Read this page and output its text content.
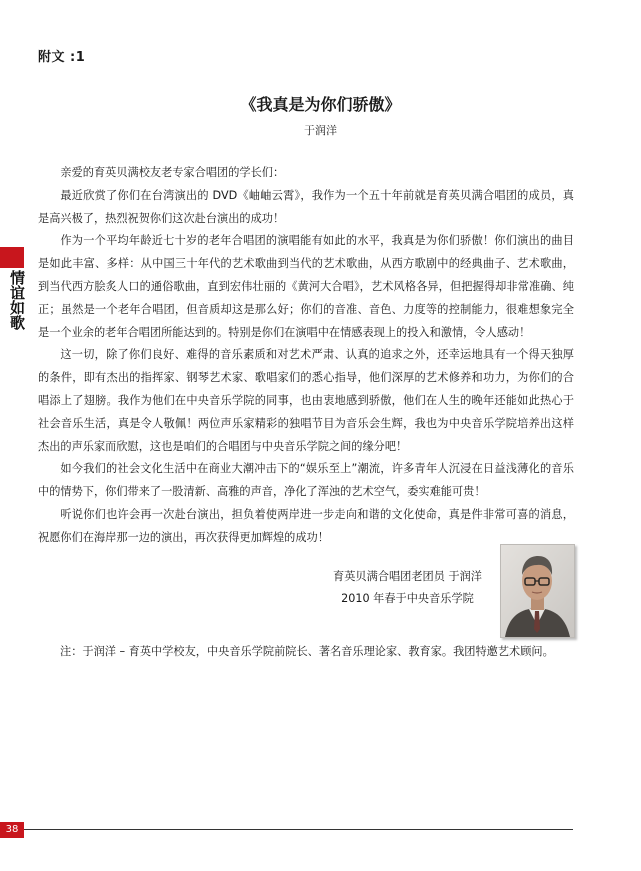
附文 :1
《我真是为你们骄傲》
于润洋
情谊如歌

亲爱的育英贝满校友老专家合唱团的学长们：

最近欣赏了你们在台湾演出的 DVD《岫岫云霄》，我作为一个五十年前就是育英贝满合唱团的成员，真是高兴极了，热烈祝贺你们这次赴台演出的成功！

作为一个平均年龄近七十岁的老年合唱团的演唱能有如此的水平，我真是为你们骄傲！你们演出的曲目是如此丰富、多样：从中国三十年代的艺术歌曲到当代的艺术歌曲，从西方歌剧中的经典曲子、艺术歌曲，到当代西方脍炙人口的通俗歌曲，直到宏伟壮丽的《黄河大合唱》，艺术风格各异，但把握得却非常准确、纯正；虽然是一个老年合唱团，但音质却这是那么好；你们的音准、音色、力度等的控制能力，很难想象完全是一个业余的老年合唱团所能达到的。特别是你们在演唱中在情感表现上的投入和激情，令人感动！

这一切，除了你们良好、难得的音乐素质和对艺术严肃、认真的追求之外，还幸运地具有一个得天独厚的条件，即有杰出的指挥家、钢琴艺术家、歌唱家们的悉心指导，他们深厚的艺术修养和功力，为你们的合唱添上了翅膀。我作为他们在中央音乐学院的同事，也由衷地感到骄傲，他们在人生的晚年还能如此热心于社会音乐生活，真是令人敬佩！两位声乐家精彩的独唱节目为音乐会生辉，我也为中央音乐学院培养出这样杰出的声乐家而欣慰，这也是咱们的合唱团与中央音乐学院之间的缘分吧！

如今我们的社会文化生活中在商业大潮冲击下的“娱乐至上”潮流，许多青年人沉浸在日益浅薄化的音乐中的情势下，你们带来了一股清新、高雅的声音，净化了浑浊的艺术空气，委实难能可贵！

听说你们也许会再一次赴台演出，担负着使两岸进一步走向和谐的文化使命，真是件非常可喜的消息，祝愿你们在海岸那一边的演出，再次获得更加辉煌的成功！

育英贝满合唱团老团员 于润洋
2010 年春于中央音乐学院
注：于润洋 – 育英中学校友，中央音乐学院前院长、著名音乐理论家、教育家。我团特邀艺术顾问。
38
